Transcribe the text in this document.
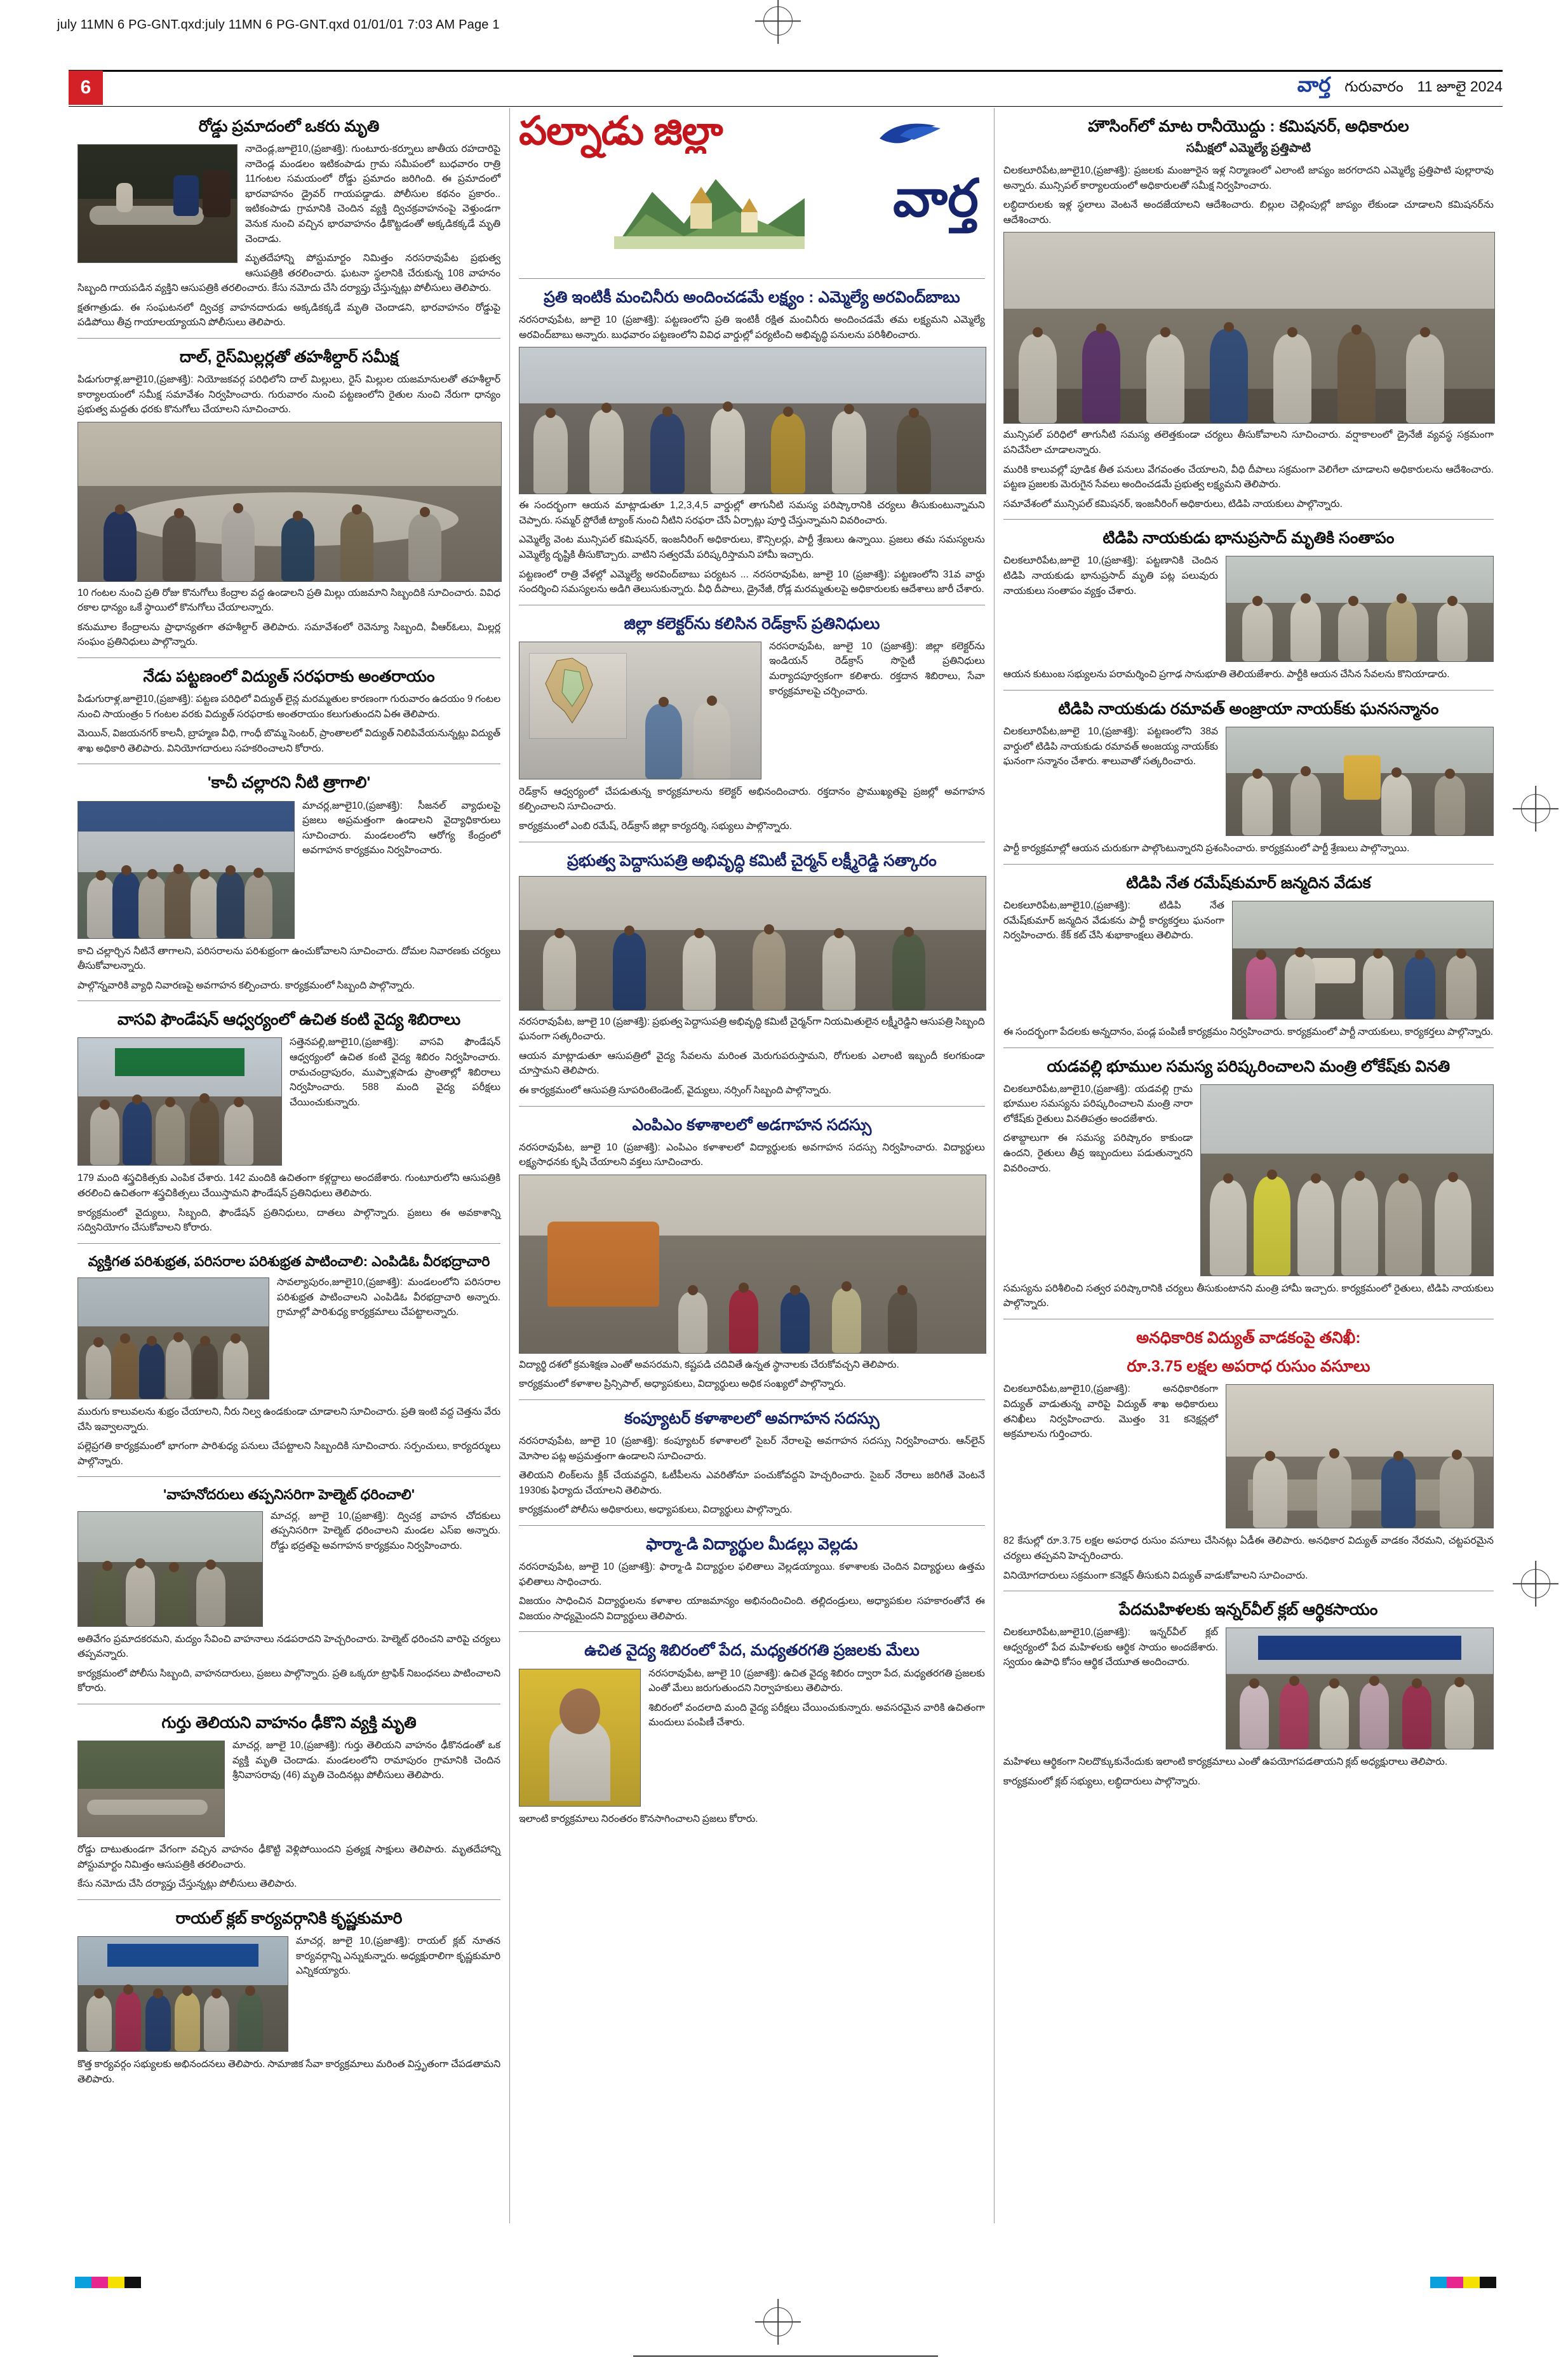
july 11MN 6 PG-GNT.qxd:july 11MN 6 PG-GNT.qxd 01/01/01 7:03 AM Page 1
6	వార్త గురువారం 11 జూలై 2024
రోడ్డు ప్రమాదంలో ఒకరు మృతి

నాదెండ్ల,జూలై10,(ప్రజాశక్తి): గుంటూరు-కర్నూలు జాతీయ రహదారిపై నాదెండ్ల మండలం ఇటికంపాడు గ్రామ సమీపంలో బుధవారం రాత్రి 11గంటల సమయంలో రోడ్డు ప్రమాదం జరిగింది. ఈ ప్రమాదంలో భారవాహనం డ్రైవర్ గాయపడ్డాడు. పోలీసుల కథనం ప్రకారం.. ఇటికంపాడు గ్రామానికి చెందిన వ్యక్తి ద్విచక్రవాహనంపై వెళ్తుండగా వెనుక నుంచి వచ్చిన భారవాహనం ఢీకొట్టడంతో అక్కడికక్కడే మృతి చెందాడు.

మృతదేహాన్ని పోస్టుమార్టం నిమిత్తం నరసరావుపేట ప్రభుత్వ ఆసుపత్రికి తరలించారు. ఘటనా స్థలానికి చేరుకున్న 108 వాహనం సిబ్బంది గాయపడిన వ్యక్తిని ఆసుపత్రికి తరలించారు. కేసు నమోదు చేసి దర్యాప్తు చేస్తున్నట్లు పోలీసులు తెలిపారు.

క్షతగాత్రుడు. ఈ సంఘటనలో ద్విచక్ర వాహనదారుడు అక్కడికక్కడే మృతి చెందాడని, భారవాహనం రోడ్డుపై పడిపోయి తీవ్ర గాయాలయ్యాయని పోలీసులు తెలిపారు.

దాల్, రైస్‌మిల్లర్లతో తహశీల్దార్ సమీక్ష

పిడుగురాళ్ల,జూలై10,(ప్రజాశక్తి): నియోజకవర్గ పరిధిలోని దాల్ మిల్లులు, రైస్ మిల్లుల యజమానులతో తహశీల్దార్ కార్యాలయంలో సమీక్ష సమావేశం నిర్వహించారు. గురువారం నుంచి పట్టణంలోని రైతుల నుంచి నేరుగా ధాన్యం ప్రభుత్వ మద్దతు ధరకు కొనుగోలు చేయాలని సూచించారు.

10 గంటల నుంచి ప్రతి రోజు కొనుగోలు కేంద్రాల వద్ద ఉండాలని ప్రతి మిల్లు యజమాని సిబ్బందికి సూచించారు. వివిధ రకాల ధాన్యం ఒకే స్థాయిలో కొనుగోలు చేయాలన్నారు.

కనుమూల కేంద్రాలను ప్రాధాన్యతగా తహశీల్దార్ తెలిపారు. సమావేశంలో రెవెన్యూ సిబ్బంది, వీఆర్ఓలు, మిల్లర్ల సంఘం ప్రతినిధులు పాల్గొన్నారు.

నేడు పట్టణంలో విద్యుత్ సరఫరాకు అంతరాయం

పిడుగురాళ్ల,జూలై10,(ప్రజాశక్తి): పట్టణ పరిధిలో విద్యుత్ లైన్ల మరమ్మతుల కారణంగా గురువారం ఉదయం 9 గంటల నుంచి సాయంత్రం 5 గంటల వరకు విద్యుత్ సరఫరాకు అంతరాయం కలుగుతుందని ఏఈ తెలిపారు.

మెయిన్, విజయనగర్ కాలనీ, బ్రాహ్మణ వీధి, గాంధీ బొమ్మ సెంటర్, ప్రాంతాలలో విద్యుత్ నిలిపివేయనున్నట్లు విద్యుత్ శాఖ అధికారి తెలిపారు. వినియోగదారులు సహకరించాలని కోరారు.

'కాచీ చల్లారని నీటి త్రాగాలి'

మాచర్ల,జూలై10,(ప్రజాశక్తి): సీజనల్ వ్యాధులపై ప్రజలు అప్రమత్తంగా ఉండాలని వైద్యాధికారులు సూచించారు. మండలంలోని ఆరోగ్య కేంద్రంలో అవగాహన కార్యక్రమం నిర్వహించారు.

కాచి చల్లార్చిన నీటినే తాగాలని, పరిసరాలను పరిశుభ్రంగా ఉంచుకోవాలని సూచించారు. దోమల నివారణకు చర్యలు తీసుకోవాలన్నారు.

పాల్గొన్నవారికి వ్యాధి నివారణపై అవగాహన కల్పించారు. కార్యక్రమంలో సిబ్బంది పాల్గొన్నారు.

వాసవి ఫౌండేషన్ ఆధ్వర్యంలో ఉచిత కంటి వైద్య శిబిరాలు

సత్తెనపల్లి,జూలై10,(ప్రజాశక్తి): వాసవి ఫౌండేషన్ ఆధ్వర్యంలో ఉచిత కంటి వైద్య శిబిరం నిర్వహించారు. రామచంద్రాపురం, ముప్పాళ్లపాడు ప్రాంతాల్లో శిబిరాలు నిర్వహించారు. 588 మంది వైద్య పరీక్షలు చేయించుకున్నారు.

179 మంది శస్త్రచికిత్సకు ఎంపిక చేశారు. 142 మందికి ఉచితంగా కళ్లద్దాలు అందజేశారు. గుంటూరులోని ఆసుపత్రికి తరలించి ఉచితంగా శస్త్రచికిత్సలు చేయిస్తామని ఫౌండేషన్ ప్రతినిధులు తెలిపారు.

కార్యక్రమంలో వైద్యులు, సిబ్బంది, ఫౌండేషన్ ప్రతినిధులు, దాతలు పాల్గొన్నారు. ప్రజలు ఈ అవకాశాన్ని సద్వినియోగం చేసుకోవాలని కోరారు.

వ్యక్తిగత పరిశుభ్రత, పరిసరాల పరిశుభ్రత పాటించాలి: ఎంపిడిఓ వీరభద్రాచారి

సావల్యాపురం,జూలై10,(ప్రజాశక్తి): మండలంలోని పరిసరాల పరిశుభ్రత పాటించాలని ఎంపిడిఓ వీరభద్రాచారి అన్నారు. గ్రామాల్లో పారిశుధ్య కార్యక్రమాలు చేపట్టాలన్నారు.

మురుగు కాలువలను శుభ్రం చేయాలని, నీరు నిల్వ ఉండకుండా చూడాలని సూచించారు. ప్రతి ఇంటి వద్ద చెత్తను వేరు చేసి ఇవ్వాలన్నారు.

పల్లెప్రగతి కార్యక్రమంలో భాగంగా పారిశుధ్య పనులు చేపట్టాలని సిబ్బందికి సూచించారు. సర్పంచులు, కార్యదర్శులు పాల్గొన్నారు.

'వాహనోదరులు తప్పనిసరిగా హెల్మెట్ ధరించాలి'

మాచర్ల, జూలై 10,(ప్రజాశక్తి): ద్విచక్ర వాహన చోదకులు తప్పనిసరిగా హెల్మెట్ ధరించాలని మండల ఎస్ఐ అన్నారు. రోడ్డు భద్రతపై అవగాహన కార్యక్రమం నిర్వహించారు.

అతివేగం ప్రమాదకరమని, మద్యం సేవించి వాహనాలు నడపరాదని హెచ్చరించారు. హెల్మెట్ ధరించని వారిపై చర్యలు తప్పవన్నారు.

కార్యక్రమంలో పోలీసు సిబ్బంది, వాహనదారులు, ప్రజలు పాల్గొన్నారు. ప్రతి ఒక్కరూ ట్రాఫిక్ నిబంధనలు పాటించాలని కోరారు.

గుర్తు తెలియని వాహనం ఢీకొని వ్యక్తి మృతి

మాచర్ల, జూలై 10,(ప్రజాశక్తి): గుర్తు తెలియని వాహనం ఢీకొనడంతో ఒక వ్యక్తి మృతి చెందాడు. మండలంలోని రామాపురం గ్రామానికి చెందిన శ్రీనివాసరావు (46) మృతి చెందినట్లు పోలీసులు తెలిపారు.

రోడ్డు దాటుతుండగా వేగంగా వచ్చిన వాహనం ఢీకొట్టి వెళ్లిపోయిందని ప్రత్యక్ష సాక్షులు తెలిపారు. మృతదేహాన్ని పోస్టుమార్టం నిమిత్తం ఆసుపత్రికి తరలించారు.

కేసు నమోదు చేసి దర్యాప్తు చేస్తున్నట్లు పోలీసులు తెలిపారు.

రాయల్ క్లబ్ కార్యవర్గానికి కృష్ణకుమారి

మాచర్ల, జూలై 10,(ప్రజాశక్తి): రాయల్ క్లబ్ నూతన కార్యవర్గాన్ని ఎన్నుకున్నారు. అధ్యక్షురాలిగా కృష్ణకుమారి ఎన్నికయ్యారు.

కొత్త కార్యవర్గం సభ్యులకు అభినందనలు తెలిపారు. సామాజిక సేవా కార్యక్రమాలు మరింత విస్తృతంగా చేపడతామని తెలిపారు.

పల్నాడు జిల్లా
వార్త
ప్రతి ఇంటికీ మంచినీరు అందించడమే లక్ష్యం : ఎమ్మెల్యే అరవింద్‌బాబు

నరసరావుపేట, జూలై 10 (ప్రజాశక్తి): పట్టణంలోని ప్రతి ఇంటికీ రక్షిత మంచినీరు అందించడమే తమ లక్ష్యమని ఎమ్మెల్యే అరవింద్‌బాబు అన్నారు. బుధవారం పట్టణంలోని వివిధ వార్డుల్లో పర్యటించి అభివృద్ధి పనులను పరిశీలించారు.

ఈ సందర్భంగా ఆయన మాట్లాడుతూ 1,2,3,4,5 వార్డుల్లో తాగునీటి సమస్య పరిష్కారానికి చర్యలు తీసుకుంటున్నామని చెప్పారు. సమ్మర్ స్టోరేజీ ట్యాంక్ నుంచి నీటిని సరఫరా చేసే ఏర్పాట్లు పూర్తి చేస్తున్నామని వివరించారు.

ఎమ్మెల్యే వెంట మున్సిపల్ కమిషనర్, ఇంజనీరింగ్ అధికారులు, కౌన్సిలర్లు, పార్టీ శ్రేణులు ఉన్నాయి. ప్రజలు తమ సమస్యలను ఎమ్మెల్యే దృష్టికి తీసుకొచ్చారు. వాటిని సత్వరమే పరిష్కరిస్తామని హామీ ఇచ్చారు.

పట్టణంలో రాత్రి వేళల్లో ఎమ్మెల్యే అరవింద్‌బాబు పర్యటన ... నరసరావుపేట, జూలై 10 (ప్రజాశక్తి): పట్టణంలోని 31వ వార్డు సందర్శించి సమస్యలను అడిగి తెలుసుకున్నారు. వీధి దీపాలు, డ్రైనేజీ, రోడ్ల మరమ్మతులపై అధికారులకు ఆదేశాలు జారీ చేశారు.

జిల్లా కలెక్టర్‌ను కలిసిన రెడ్‌క్రాస్ ప్రతినిధులు

నరసరావుపేట, జూలై 10 (ప్రజాశక్తి): జిల్లా కలెక్టర్‌ను ఇండియన్ రెడ్‌క్రాస్ సొసైటీ ప్రతినిధులు మర్యాదపూర్వకంగా కలిశారు. రక్తదాన శిబిరాలు, సేవా కార్యక్రమాలపై చర్చించారు.

రెడ్‌క్రాస్ ఆధ్వర్యంలో చేపడుతున్న కార్యక్రమాలను కలెక్టర్ అభినందించారు. రక్తదానం ప్రాముఖ్యతపై ప్రజల్లో అవగాహన కల్పించాలని సూచించారు.

కార్యక్రమంలో ఎంబి రమేష్, రెడ్‌క్రాస్ జిల్లా కార్యదర్శి, సభ్యులు పాల్గొన్నారు.

ప్రభుత్వ పెద్దాసుపత్రి అభివృద్ధి కమిటీ చైర్మన్ లక్ష్మీరెడ్డి సత్కారం

నరసరావుపేట, జూలై 10 (ప్రజాశక్తి): ప్రభుత్వ పెద్దాసుపత్రి అభివృద్ధి కమిటీ చైర్మన్‌గా నియమితులైన లక్ష్మీరెడ్డిని ఆసుపత్రి సిబ్బంది ఘనంగా సత్కరించారు.

ఆయన మాట్లాడుతూ ఆసుపత్రిలో వైద్య సేవలను మరింత మెరుగుపరుస్తామని, రోగులకు ఎలాంటి ఇబ్బందీ కలగకుండా చూస్తామని తెలిపారు.

ఈ కార్యక్రమంలో ఆసుపత్రి సూపరింటెండెంట్, వైద్యులు, నర్సింగ్ సిబ్బంది పాల్గొన్నారు.

ఎంపిఎం కళాశాలలో అడగాహన సదస్సు

నరసరావుపేట, జూలై 10 (ప్రజాశక్తి): ఎంపిఎం కళాశాలలో విద్యార్థులకు అవగాహన సదస్సు నిర్వహించారు. విద్యార్థులు లక్ష్యసాధనకు కృషి చేయాలని వక్తలు సూచించారు.

విద్యార్థి దశలో క్రమశిక్షణ ఎంతో అవసరమని, కష్టపడి చదివితే ఉన్నత స్థానాలకు చేరుకోవచ్చని తెలిపారు.

కార్యక్రమంలో కళాశాల ప్రిన్సిపాల్, అధ్యాపకులు, విద్యార్థులు అధిక సంఖ్యలో పాల్గొన్నారు.

కంప్యూటర్ కళాశాలలో అవగాహన సదస్సు

నరసరావుపేట, జూలై 10 (ప్రజాశక్తి): కంప్యూటర్ కళాశాలలో సైబర్ నేరాలపై అవగాహన సదస్సు నిర్వహించారు. ఆన్‌లైన్ మోసాల పట్ల అప్రమత్తంగా ఉండాలని సూచించారు.

తెలియని లింక్‌లను క్లిక్ చేయవద్దని, ఓటీపీలను ఎవరితోనూ పంచుకోవద్దని హెచ్చరించారు. సైబర్ నేరాలు జరిగితే వెంటనే 1930కు ఫిర్యాదు చేయాలని తెలిపారు.

కార్యక్రమంలో పోలీసు అధికారులు, అధ్యాపకులు, విద్యార్థులు పాల్గొన్నారు.

ఫార్మా-డి విద్యార్థుల మీడల్లు వెల్లడు

నరసరావుపేట, జూలై 10 (ప్రజాశక్తి): ఫార్మా-డి విద్యార్థుల ఫలితాలు వెల్లడయ్యాయి. కళాశాలకు చెందిన విద్యార్థులు ఉత్తమ ఫలితాలు సాధించారు.

విజయం సాధించిన విద్యార్థులను కళాశాల యాజమాన్యం అభినందించింది. తల్లిదండ్రులు, అధ్యాపకుల సహకారంతోనే ఈ విజయం సాధ్యమైందని విద్యార్థులు తెలిపారు.

ఉచిత వైద్య శిబిరంలో పేద, మధ్యతరగతి ప్రజలకు మేలు

నరసరావుపేట, జూలై 10 (ప్రజాశక్తి): ఉచిత వైద్య శిబిరం ద్వారా పేద, మధ్యతరగతి ప్రజలకు ఎంతో మేలు జరుగుతుందని నిర్వాహకులు తెలిపారు.

శిబిరంలో వందలాది మంది వైద్య పరీక్షలు చేయించుకున్నారు. అవసరమైన వారికి ఉచితంగా మందులు పంపిణీ చేశారు.

ఇలాంటి కార్యక్రమాలు నిరంతరం కొనసాగించాలని ప్రజలు కోరారు.

హౌసింగ్‌లో మాట రానీయొద్దు : కమిషనర్, అధికారుల
సమీక్షలో ఎమ్మెల్యే ప్రత్తిపాటి

చిలకలూరిపేట,జూలై10,(ప్రజాశక్తి): ప్రజలకు మంజూరైన ఇళ్ల నిర్మాణంలో ఎలాంటి జాప్యం జరగరాదని ఎమ్మెల్యే ప్రత్తిపాటి పుల్లారావు అన్నారు. మున్సిపల్ కార్యాలయంలో అధికారులతో సమీక్ష నిర్వహించారు.

లబ్ధిదారులకు ఇళ్ల స్థలాలు వెంటనే అందజేయాలని ఆదేశించారు. బిల్లుల చెల్లింపుల్లో జాప్యం లేకుండా చూడాలని కమిషనర్‌ను ఆదేశించారు.

మున్సిపల్ పరిధిలో తాగునీటి సమస్య తలెత్తకుండా చర్యలు తీసుకోవాలని సూచించారు. వర్షాకాలంలో డ్రైనేజీ వ్యవస్థ సక్రమంగా పనిచేసేలా చూడాలన్నారు.

మురికి కాలువల్లో పూడిక తీత పనులు వేగవంతం చేయాలని, వీధి దీపాలు సక్రమంగా వెలిగేలా చూడాలని అధికారులను ఆదేశించారు. పట్టణ ప్రజలకు మెరుగైన సేవలు అందించడమే ప్రభుత్వ లక్ష్యమని తెలిపారు.

సమావేశంలో మున్సిపల్ కమిషనర్, ఇంజనీరింగ్ అధికారులు, టిడిపి నాయకులు పాల్గొన్నారు.

టిడిపి నాయకుడు భానుప్రసాద్ మృతికి సంతాపం

చిలకలూరిపేట,జూలై 10,(ప్రజాశక్తి): పట్టణానికి చెందిన టిడిపి నాయకుడు భానుప్రసాద్ మృతి పట్ల పలువురు నాయకులు సంతాపం వ్యక్తం చేశారు.

ఆయన కుటుంబ సభ్యులను పరామర్శించి ప్రగాఢ సానుభూతి తెలియజేశారు. పార్టీకి ఆయన చేసిన సేవలను కొనియాడారు.

టిడిపి నాయకుడు రమావత్ అంజ్రాయా నాయక్‌కు ఘనసన్మానం

చిలకలూరిపేట,జూలై 10,(ప్రజాశక్తి): పట్టణంలోని 38వ వార్డులో టిడిపి నాయకుడు రమావత్ అంజయ్య నాయక్‌కు ఘనంగా సన్మానం చేశారు. శాలువాతో సత్కరించారు.

పార్టీ కార్యక్రమాల్లో ఆయన చురుకుగా పాల్గొంటున్నారని ప్రశంసించారు. కార్యక్రమంలో పార్టీ శ్రేణులు పాల్గొన్నాయి.

టిడిపి నేత రమేష్‌కుమార్ జన్మదిన వేడుక

చిలకలూరిపేట,జూలై10,(ప్రజాశక్తి): టిడిపి నేత రమేష్‌కుమార్ జన్మదిన వేడుకను పార్టీ కార్యకర్తలు ఘనంగా నిర్వహించారు. కేక్ కట్ చేసి శుభాకాంక్షలు తెలిపారు.

ఈ సందర్భంగా పేదలకు అన్నదానం, పండ్ల పంపిణీ కార్యక్రమం నిర్వహించారు. కార్యక్రమంలో పార్టీ నాయకులు, కార్యకర్తలు పాల్గొన్నారు.

యడవల్లి భూముల సమస్య పరిష్కరించాలని మంత్రి లోకేష్‌కు వినతి

చిలకలూరిపేట,జూలై10,(ప్రజాశక్తి): యడవల్లి గ్రామ భూముల సమస్యను పరిష్కరించాలని మంత్రి నారా లోకేష్‌కు రైతులు వినతిపత్రం అందజేశారు.

దశాబ్దాలుగా ఈ సమస్య పరిష్కారం కాకుండా ఉందని, రైతులు తీవ్ర ఇబ్బందులు పడుతున్నారని వివరించారు.

సమస్యను పరిశీలించి సత్వర పరిష్కారానికి చర్యలు తీసుకుంటానని మంత్రి హామీ ఇచ్చారు. కార్యక్రమంలో రైతులు, టిడిపి నాయకులు పాల్గొన్నారు.

అనధికారిక విద్యుత్ వాడకంపై తనిఖీ:
రూ.3.75 లక్షల అపరాధ రుసుం వసూలు

చిలకలూరిపేట,జూలై10,(ప్రజాశక్తి): అనధికారికంగా విద్యుత్ వాడుతున్న వారిపై విద్యుత్ శాఖ అధికారులు తనిఖీలు నిర్వహించారు. మొత్తం 31 కనెక్షన్లలో అక్రమాలను గుర్తించారు.

82 కేసుల్లో రూ.3.75 లక్షల అపరాధ రుసుం వసూలు చేసినట్లు ఏడీఈ తెలిపారు. అనధికార విద్యుత్ వాడకం నేరమని, చట్టపరమైన చర్యలు తప్పవని హెచ్చరించారు.

వినియోగదారులు సక్రమంగా కనెక్షన్ తీసుకుని విద్యుత్ వాడుకోవాలని సూచించారు.

పేదమహిళలకు ఇన్నర్‌వీల్ క్లబ్ ఆర్థికసాయం

చిలకలూరిపేట,జూలై10,(ప్రజాశక్తి): ఇన్నర్‌వీల్ క్లబ్ ఆధ్వర్యంలో పేద మహిళలకు ఆర్థిక సాయం అందజేశారు. స్వయం ఉపాధి కోసం ఆర్థిక చేయూత అందించారు.

మహిళలు ఆర్థికంగా నిలదొక్కుకునేందుకు ఇలాంటి కార్యక్రమాలు ఎంతో ఉపయోగపడతాయని క్లబ్ అధ్యక్షురాలు తెలిపారు.

కార్యక్రమంలో క్లబ్ సభ్యులు, లబ్ధిదారులు పాల్గొన్నారు.
